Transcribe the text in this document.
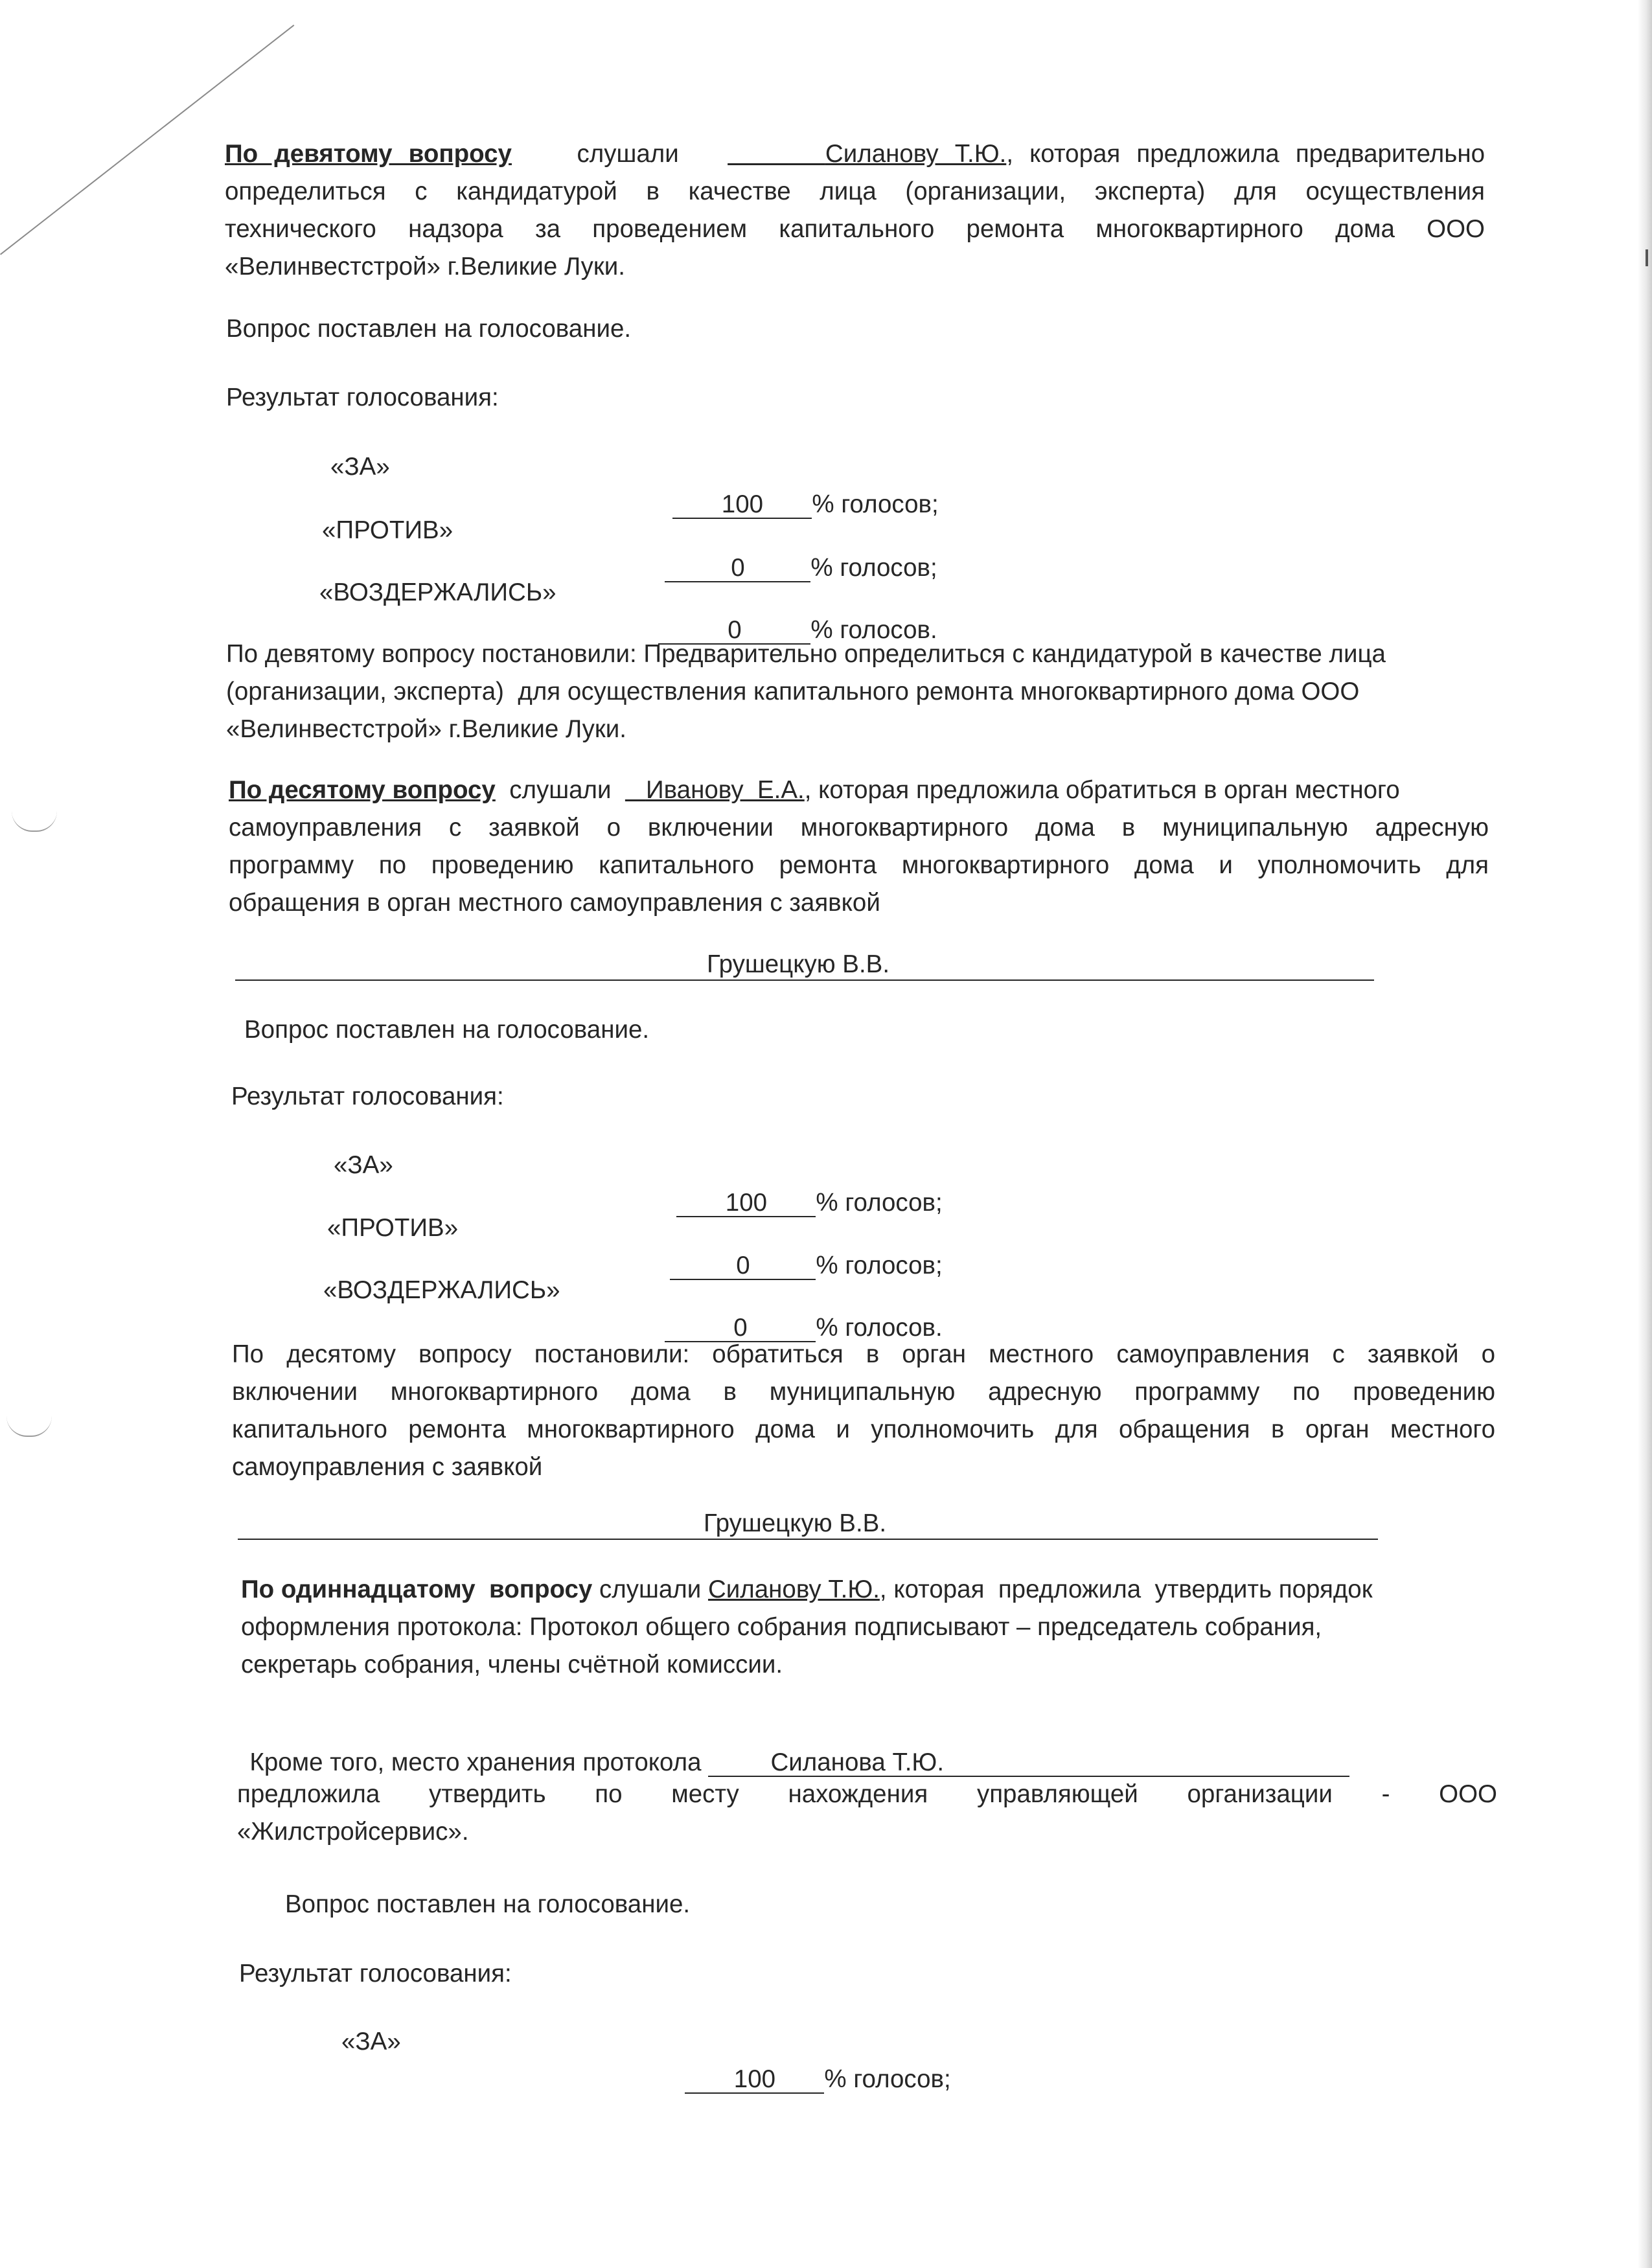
По девятому вопросу	слушали	Силанову Т.Ю., которая предложила предварительно
определиться с кандидатурой в качестве лица (организации, эксперта) для осуществления
технического надзора за проведением капитального ремонта многоквартирного дома ООО
«Велинвестстрой» г.Великие Луки.
Вопрос поставлен на голосование.
Результат голосования:
«ЗА»

100 % голосов;

«ПРОТИВ»

0	% голосов;

«ВОЗДЕРЖАЛИСЬ»

0	% голосов.

По девятому вопросу постановили: Предварительно определиться с кандидатурой в качестве лица
(организации, эксперта)  для осуществления капитального ремонта многоквартирного дома ООО
«Велинвестстрой» г.Великие Луки.
По десятому вопросу слушали Иванову  Е.А., которая предложила обратиться в орган местного
самоуправления с заявкой о включении многоквартирного дома в муниципальную адресную
программу по проведению капитального ремонта многоквартирного дома и уполномочить для
обращения в орган местного самоуправления с заявкой
Грушецкую В.В.
Вопрос поставлен на голосование.
Результат голосования:
«ЗА»

100 % голосов;

«ПРОТИВ»

0	% голосов;

«ВОЗДЕРЖАЛИСЬ»

0	% голосов.

По десятому вопросу постановили: обратиться в орган местного самоуправления с заявкой о
включении многоквартирного дома в муниципальную адресную программу по проведению
капитального ремонта многоквартирного дома и уполномочить для обращения в орган местного
самоуправления с заявкой
Грушецкую В.В.
По одиннадцатому  вопросу слушали Силанову Т.Ю., которая  предложила  утвердить порядок
оформления протокола: Протокол общего собрания подписывают – председатель собрания,
секретарь собрания, члены счётной комиссии.

Кроме того, место хранения протокола	Силанова Т.Ю.

предложила утвердить по месту нахождения управляющей организации - ООО
«Жилстройсервис».
Вопрос поставлен на голосование.
Результат голосования:
«ЗА»

100 % голосов;
